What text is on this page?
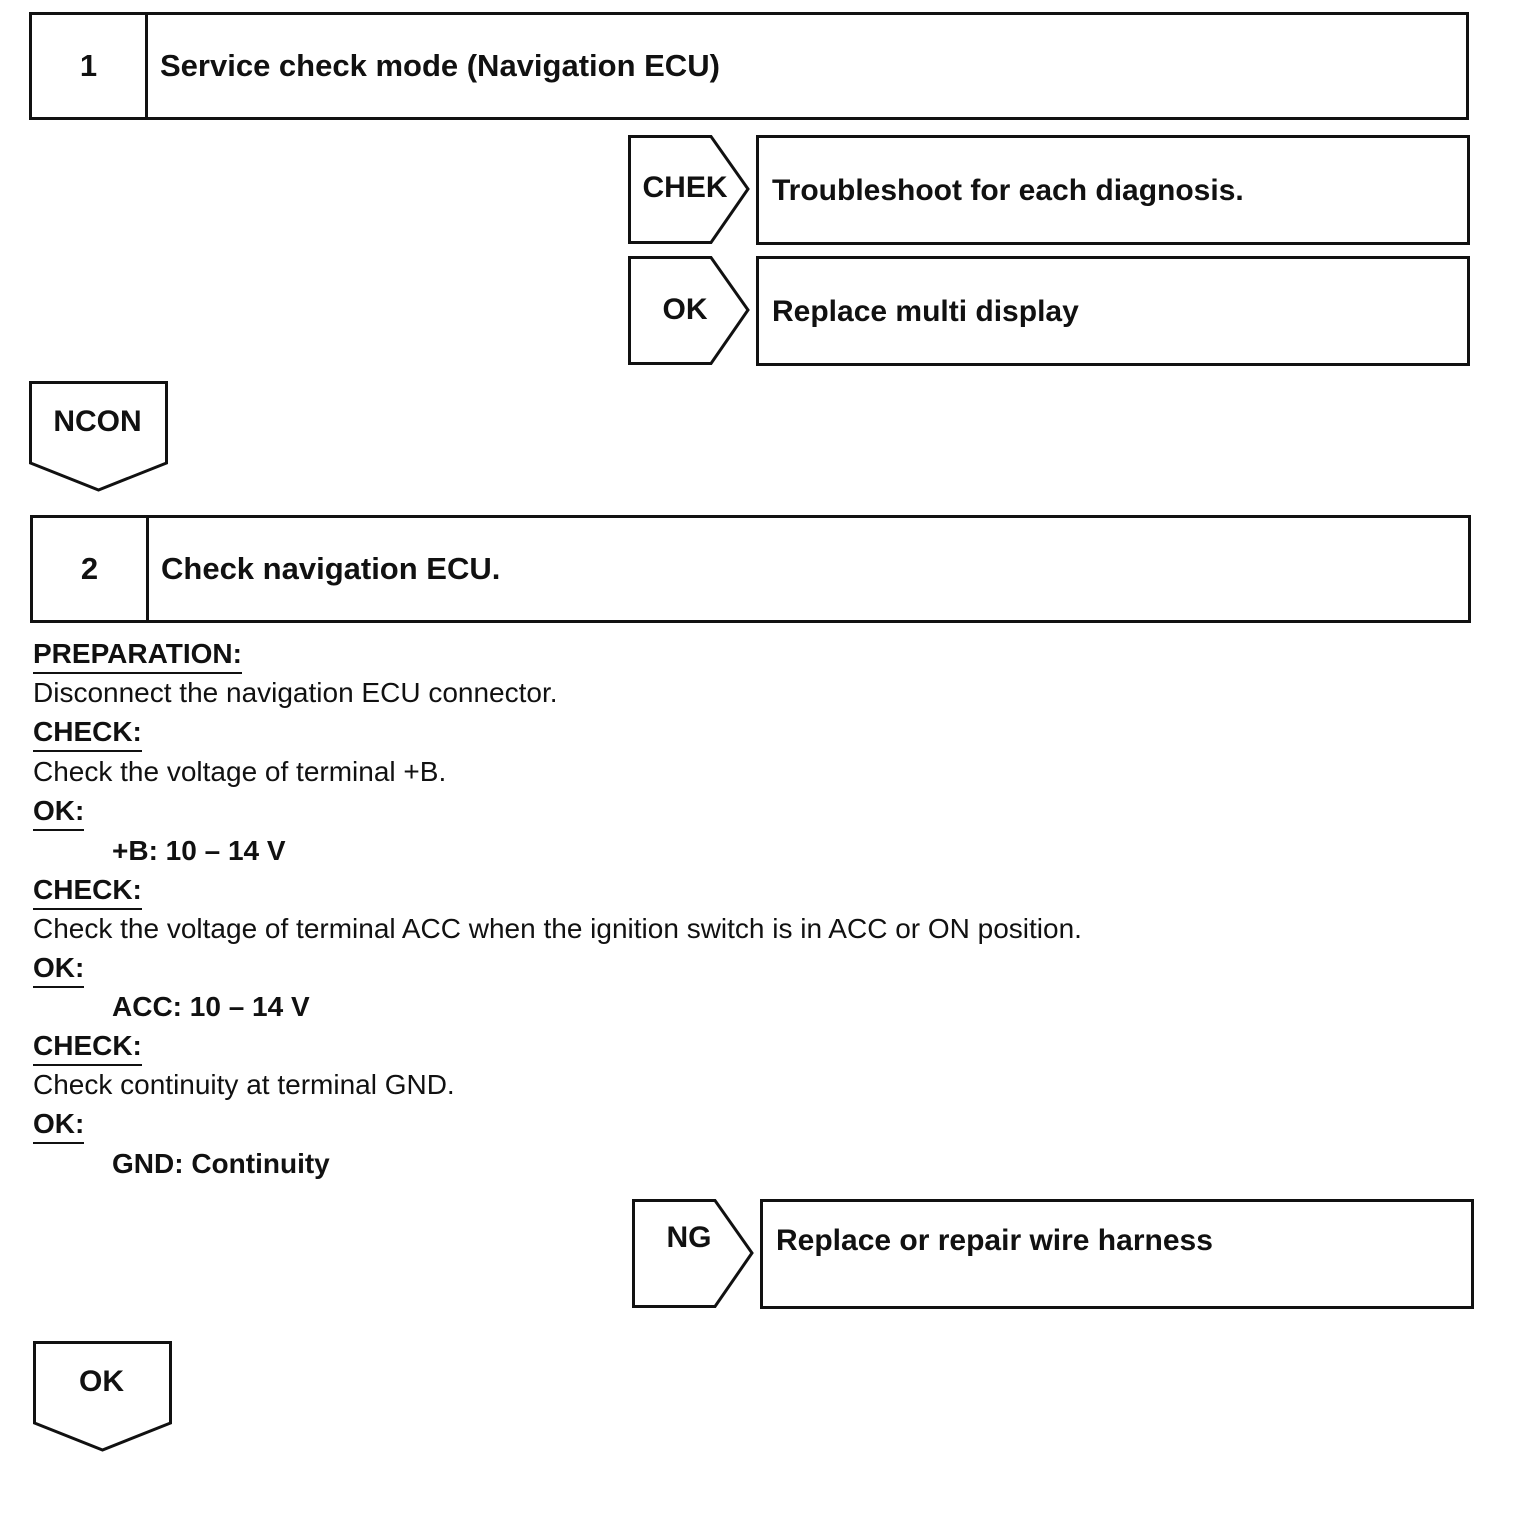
1	Service check mode (Navigation ECU)
CHEK	Troubleshoot for each diagnosis.
OK	Replace multi display
NCON
2	Check navigation ECU.
PREPARATION:
Disconnect the navigation ECU connector.
CHECK:
Check the voltage of terminal +B.
OK:
+B: 10 – 14 V
CHECK:
Check the voltage of terminal ACC when the ignition switch is in ACC or ON position.
OK:
ACC: 10 – 14 V
CHECK:
Check continuity at terminal GND.
OK:
GND: Continuity
NG	Replace or repair wire harness
OK
